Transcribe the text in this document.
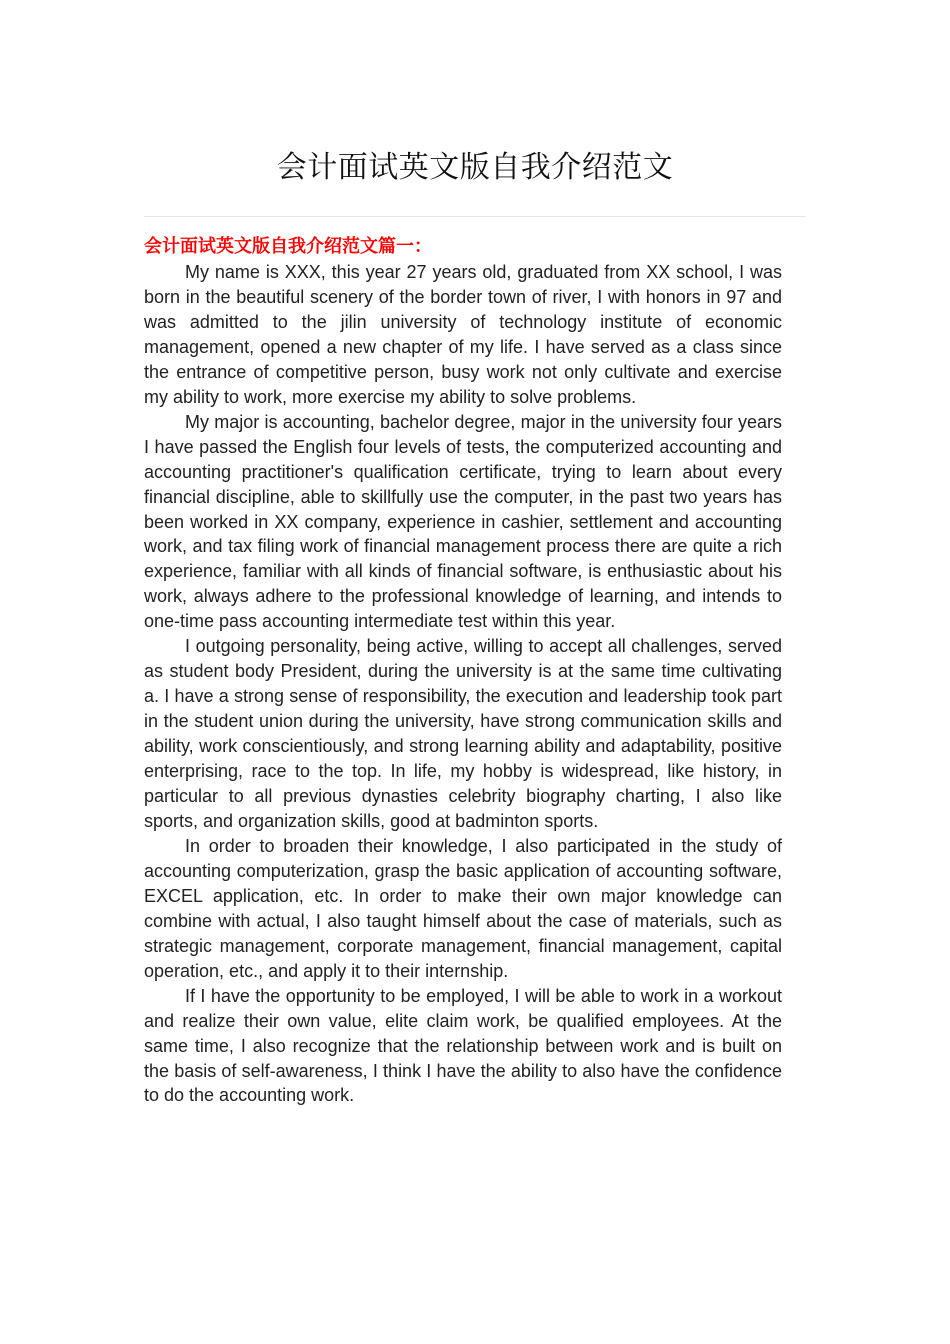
会计面试英文版自我介绍范文

会计面试英文版自我介绍范文篇一：

My name is XXX, this year 27 years old, graduated from XX school, I was born in the beautiful scenery of the border town of river, I with honors in 97 and was admitted to the jilin university of technology institute of economic management, opened a new chapter of my life. I have served as a class since the entrance of competitive person, busy work not only cultivate and exercise my ability to work, more exercise my ability to solve problems.

My major is accounting, bachelor degree, major in the university four years I have passed the English four levels of tests, the computerized accounting and accounting practitioner's qualification certificate, trying to learn about every financial discipline, able to skillfully use the computer, in the past two years has been worked in XX company, experience in cashier, settlement and accounting work, and tax filing work of financial management process there are quite a rich experience, familiar with all kinds of financial software, is enthusiastic about his work, always adhere to the professional knowledge of learning, and intends to one-time pass accounting intermediate test within this year.

I outgoing personality, being active, willing to accept all challenges, served as student body President, during the university is at the same time cultivating a. I have a strong sense of responsibility, the execution and leadership took part in the student union during the university, have strong communication skills and ability, work conscientiously, and strong learning ability and adaptability, positive enterprising, race to the top. In life, my hobby is widespread, like history, in particular to all previous dynasties celebrity biography charting, I also like sports, and organization skills, good at badminton sports.

In order to broaden their knowledge, I also participated in the study of accounting computerization, grasp the basic application of accounting software, EXCEL application, etc. In order to make their own major knowledge can combine with actual, I also taught himself about the case of materials, such as strategic management, corporate management, financial management, capital operation, etc., and apply it to their internship.

If I have the opportunity to be employed, I will be able to work in a workout and realize their own value, elite claim work, be qualified employees. At the same time, I also recognize that the relationship between work and is built on the basis of self-awareness, I think I have the ability to also have the confidence to do the accounting work.
